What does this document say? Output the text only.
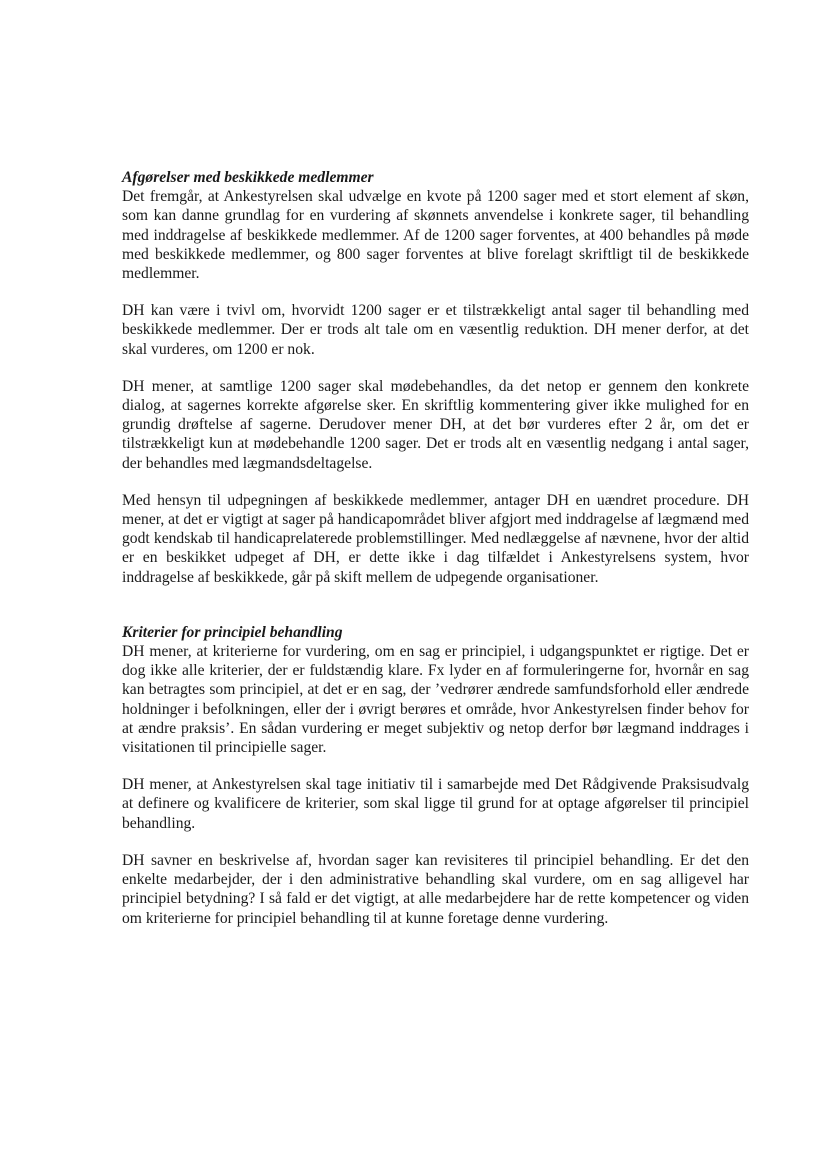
Afgørelser med beskikkede medlemmer

Det fremgår, at Ankestyrelsen skal udvælge en kvote på 1200 sager med et stort element af skøn, som kan danne grundlag for en vurdering af skønnets anvendelse i konkrete sager, til behandling med inddragelse af beskikkede medlemmer. Af de 1200 sager forventes, at 400 behandles på møde med beskikkede medlemmer, og 800 sager forventes at blive forelagt skriftligt til de beskikkede medlemmer.

DH kan være i tvivl om, hvorvidt 1200 sager er et tilstrækkeligt antal sager til behandling med beskikkede medlemmer. Der er trods alt tale om en væsentlig reduktion. DH mener derfor, at det skal vurderes, om 1200 er nok.

DH mener, at samtlige 1200 sager skal mødebehandles, da det netop er gennem den konkrete dialog, at sagernes korrekte afgørelse sker. En skriftlig kommentering giver ikke mulighed for en grundig drøftelse af sagerne. Derudover mener DH, at det bør vurderes efter 2 år, om det er tilstrækkeligt kun at mødebehandle 1200 sager. Det er trods alt en væsentlig nedgang i antal sager, der behandles med lægmandsdeltagelse.

Med hensyn til udpegningen af beskikkede medlemmer, antager DH en uændret procedure. DH mener, at det er vigtigt at sager på handicapområdet bliver afgjort med inddragelse af lægmænd med godt kendskab til handicaprelaterede problemstillinger. Med nedlæggelse af nævnene, hvor der altid er en beskikket udpeget af DH, er dette ikke i dag tilfældet i Ankestyrelsens system, hvor inddragelse af beskikkede, går på skift mellem de udpegende organisationer.

Kriterier for principiel behandling

DH mener, at kriterierne for vurdering, om en sag er principiel, i udgangspunktet er rigtige. Det er dog ikke alle kriterier, der er fuldstændig klare. Fx lyder en af formuleringerne for, hvornår en sag kan betragtes som principiel, at det er en sag, der ’vedrører ændrede samfundsforhold eller ændrede holdninger i befolkningen, eller der i øvrigt berøres et område, hvor Ankestyrelsen finder behov for at ændre praksis’. En sådan vurdering er meget subjektiv og netop derfor bør lægmand inddrages i visitationen til principielle sager.

DH mener, at Ankestyrelsen skal tage initiativ til i samarbejde med Det Rådgivende Praksisudvalg at definere og kvalificere de kriterier, som skal ligge til grund for at optage afgørelser til principiel behandling.

DH savner en beskrivelse af, hvordan sager kan revisiteres til principiel behandling. Er det den enkelte medarbejder, der i den administrative behandling skal vurdere, om en sag alligevel har principiel betydning? I så fald er det vigtigt, at alle medarbejdere har de rette kompetencer og viden om kriterierne for principiel behandling til at kunne foretage denne vurdering.
